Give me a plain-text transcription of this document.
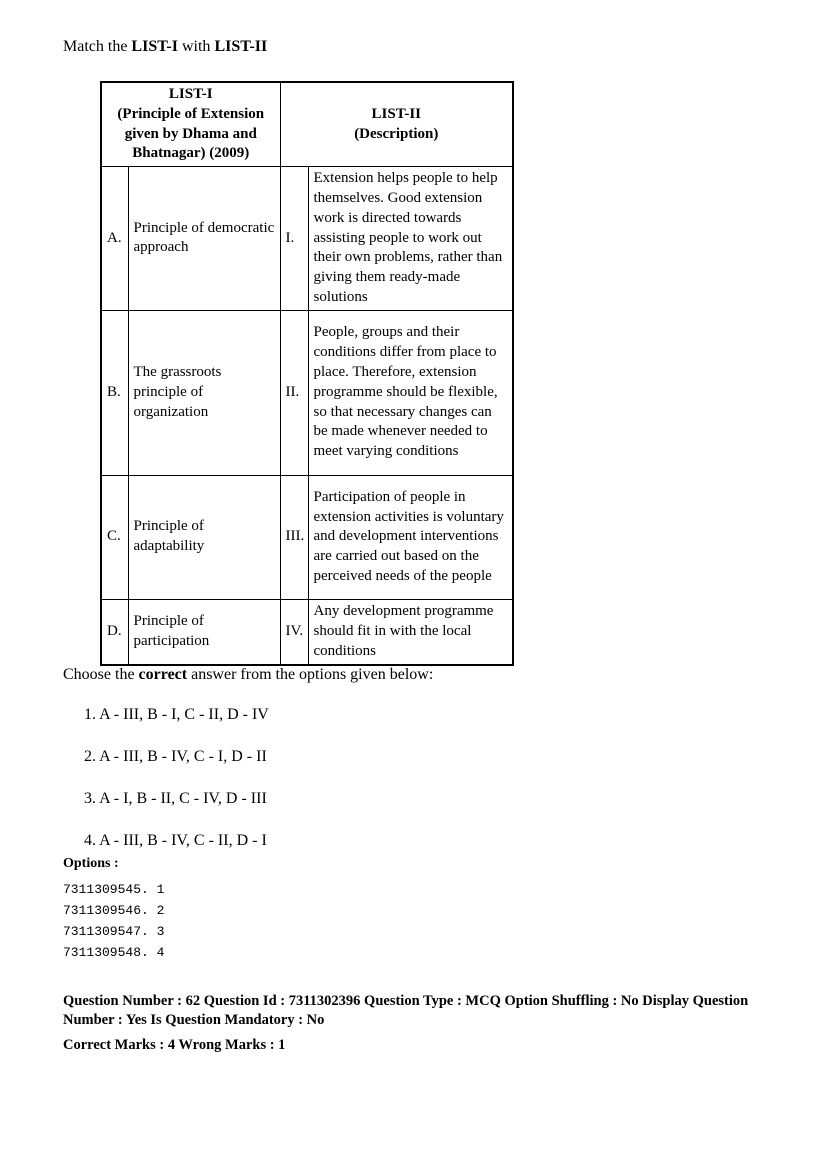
Match the LIST-I with LIST-II
LIST-I
(Principle of Extension given by Dhama and Bhatnagar) (2009)

LIST-II
(Description)

A.	Principle of democratic approach	I.	Extension helps people to help themselves. Good extension work is directed towards assisting people to work out their own problems, rather than giving them ready-made solutions
B.	The grassroots principle of organization	II.	People, groups and their conditions differ from place to place. Therefore, extension programme should be flexible, so that necessary changes can be made whenever needed to meet varying conditions
C.	Principle of adaptability	III.	Participation of people in extension activities is voluntary and development interventions are carried out based on the perceived needs of the people
D.	Principle of participation	IV.	Any development programme should fit in with the local conditions
Choose the correct answer from the options given below:
1. A - III, B - I, C - II, D - IV
2. A - III, B - IV, C - I, D - II
3. A - I, B - II, C - IV, D - III
4. A - III, B - IV, C - II, D - I
Options :
7311309545. 1
7311309546. 2
7311309547. 3
7311309548. 4
Question Number : 62 Question Id : 7311302396 Question Type : MCQ Option Shuffling : No Display Question Number : Yes Is Question Mandatory : No
Correct Marks : 4 Wrong Marks : 1
